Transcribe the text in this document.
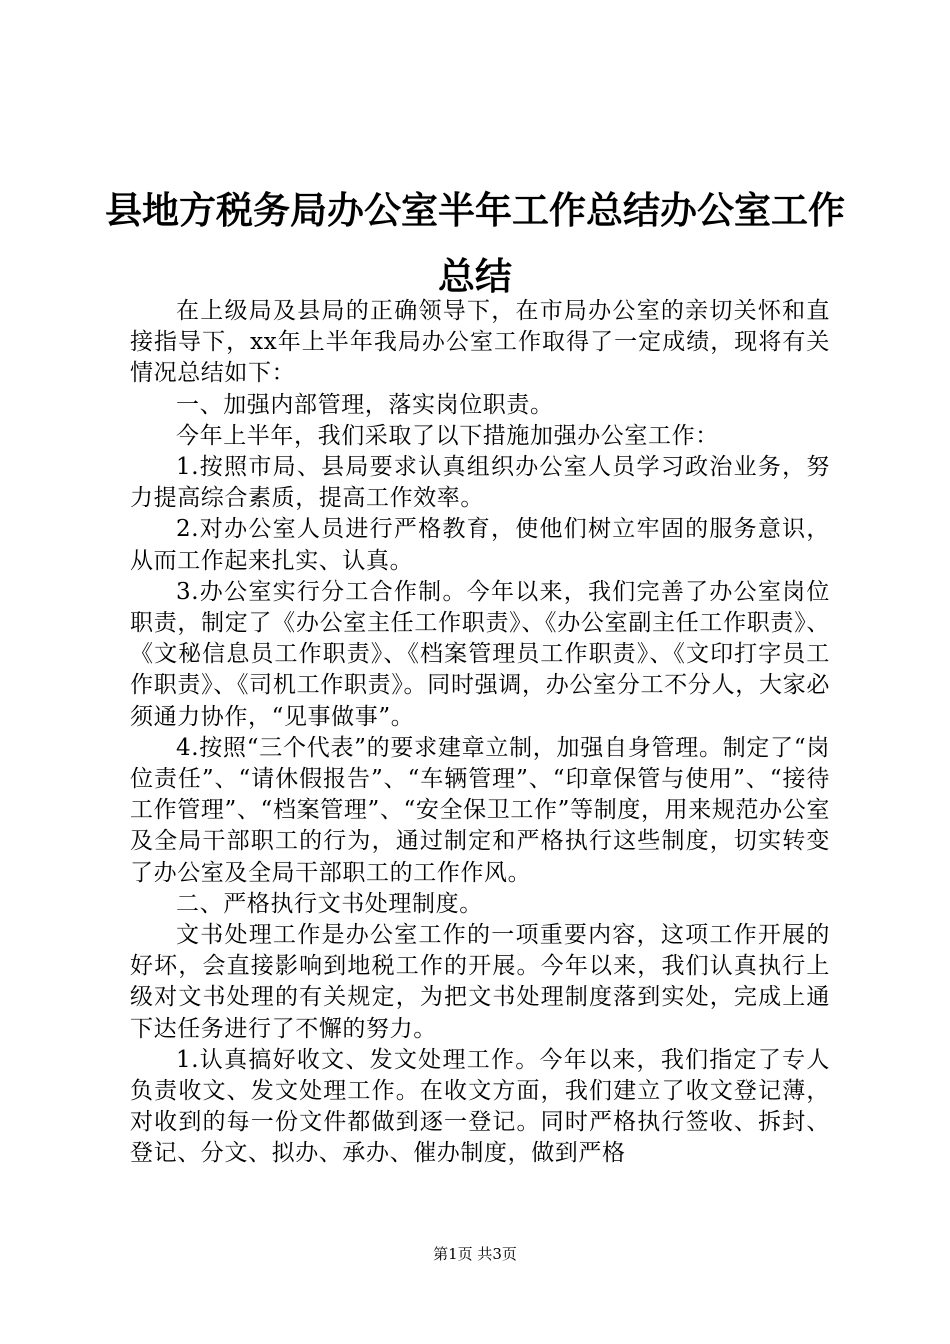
县地方税务局办公室半年工作总结办公室工作总结

在上级局及县局的正确领导下，在市局办公室的亲切关怀和直接指导下，xx年上半年我局办公室工作取得了一定成绩，现将有关情况总结如下：

一、加强内部管理，落实岗位职责。

今年上半年，我们采取了以下措施加强办公室工作：

1.按照市局、县局要求认真组织办公室人员学习政治业务，努力提高综合素质，提高工作效率。

2.对办公室人员进行严格教育，使他们树立牢固的服务意识，从而工作起来扎实、认真。

3.办公室实行分工合作制。今年以来，我们完善了办公室岗位职责，制定了《办公室主任工作职责》、《办公室副主任工作职责》、《文秘信息员工作职责》、《档案管理员工作职责》、《文印打字员工作职责》、《司机工作职责》。同时强调，办公室分工不分人，大家必须通力协作，“见事做事”。

4.按照“三个代表”的要求建章立制，加强自身管理。制定了“岗位责任”、“请休假报告”、“车辆管理”、“印章保管与使用”、“接待工作管理”、“档案管理”、“安全保卫工作”等制度，用来规范办公室及全局干部职工的行为，通过制定和严格执行这些制度，切实转变了办公室及全局干部职工的工作作风。

二、严格执行文书处理制度。

文书处理工作是办公室工作的一项重要内容，这项工作开展的好坏，会直接影响到地税工作的开展。今年以来，我们认真执行上级对文书处理的有关规定，为把文书处理制度落到实处，完成上通下达任务进行了不懈的努力。

1.认真搞好收文、发文处理工作。今年以来，我们指定了专人负责收文、发文处理工作。在收文方面，我们建立了收文登记薄，对收到的每一份文件都做到逐一登记。同时严格执行签收、拆封、登记、分文、拟办、承办、催办制度，做到严格

第1页 共3页
